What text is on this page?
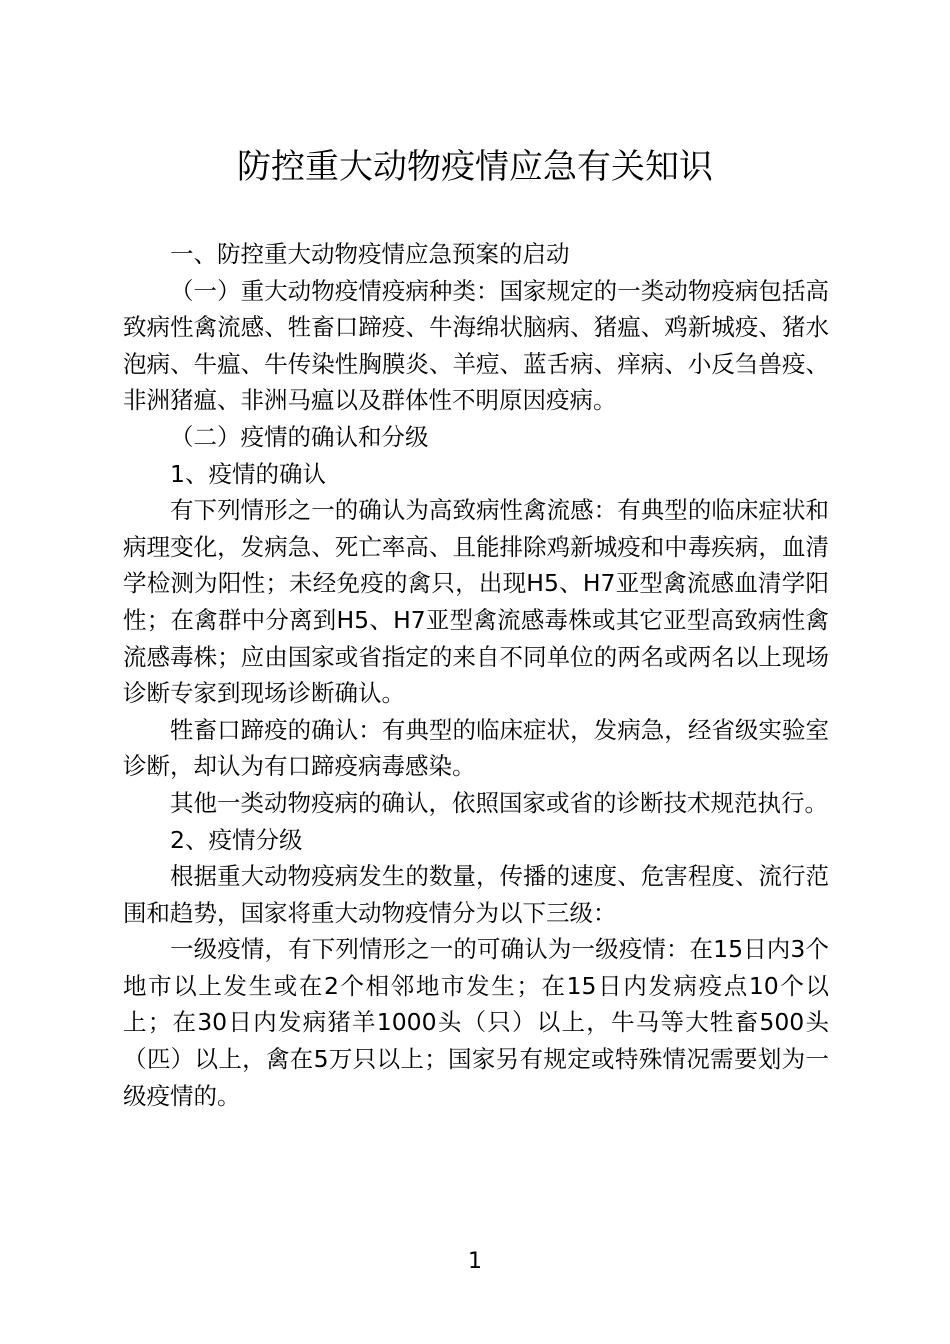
防控重大动物疫情应急有关知识

一、防控重大动物疫情应急预案的启动

（一）重大动物疫情疫病种类：国家规定的一类动物疫病包括高致病性禽流感、牲畜口蹄疫、牛海绵状脑病、猪瘟、鸡新城疫、猪水泡病、牛瘟、牛传染性胸膜炎、羊痘、蓝舌病、痒病、小反刍兽疫、非洲猪瘟、非洲马瘟以及群体性不明原因疫病。

（二）疫情的确认和分级

1、疫情的确认

有下列情形之一的确认为高致病性禽流感：有典型的临床症状和病理变化，发病急、死亡率高、且能排除鸡新城疫和中毒疾病，血清学检测为阳性；未经免疫的禽只，出现H5、H7亚型禽流感血清学阳性；在禽群中分离到H5、H7亚型禽流感毒株或其它亚型高致病性禽流感毒株；应由国家或省指定的来自不同单位的两名或两名以上现场诊断专家到现场诊断确认。

牲畜口蹄疫的确认：有典型的临床症状，发病急，经省级实验室诊断，却认为有口蹄疫病毒感染。

其他一类动物疫病的确认，依照国家或省的诊断技术规范执行。

2、疫情分级

根据重大动物疫病发生的数量，传播的速度、危害程度、流行范围和趋势，国家将重大动物疫情分为以下三级：

一级疫情，有下列情形之一的可确认为一级疫情：在15日内3个地市以上发生或在2个相邻地市发生；在15日内发病疫点10个以上；在30日内发病猪羊1000头（只）以上，牛马等大牲畜500头（匹）以上，禽在5万只以上；国家另有规定或特殊情况需要划为一级疫情的。

1
